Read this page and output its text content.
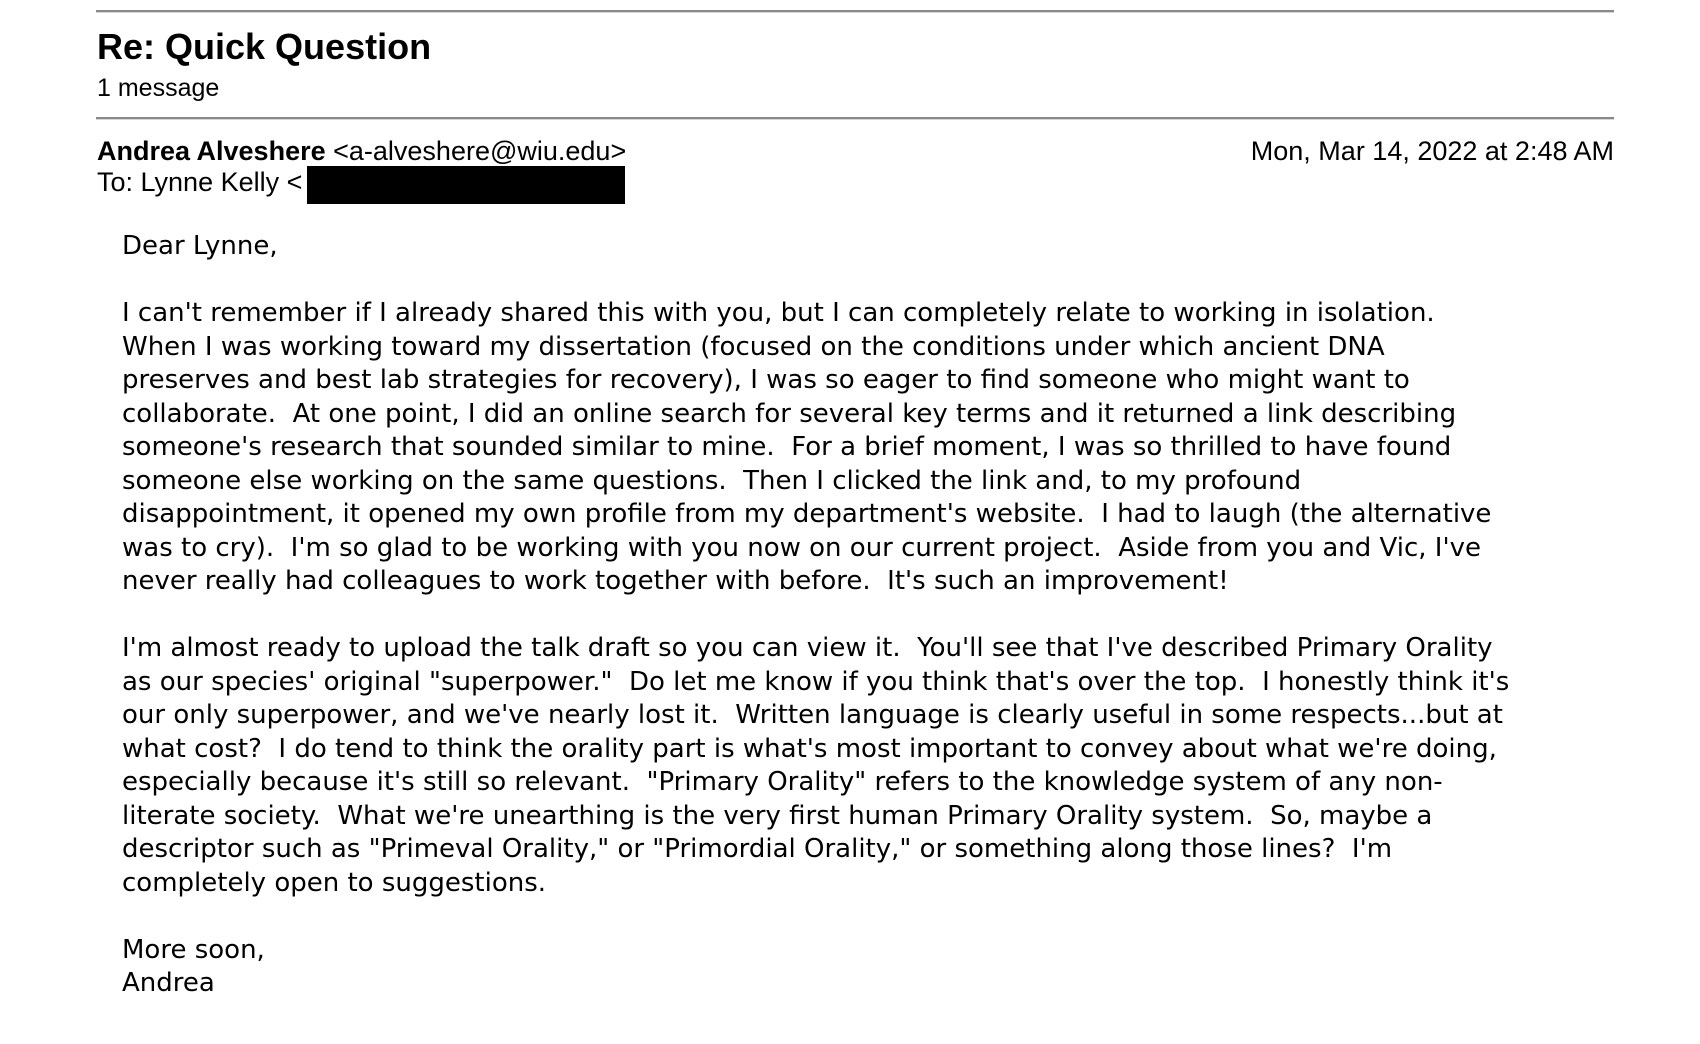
Re: Quick Question
1 message
Andrea Alveshere <a-alveshere@wiu.edu>	Mon, Mar 14, 2022 at 2:48 AM
To: Lynne Kelly <

Dear Lynne,

I can't remember if I already shared this with you, but I can completely relate to working in isolation.
When I was working toward my dissertation (focused on the conditions under which ancient DNA
preserves and best lab strategies for recovery), I was so eager to find someone who might want to
collaborate.  At one point, I did an online search for several key terms and it returned a link describing
someone's research that sounded similar to mine.  For a brief moment, I was so thrilled to have found
someone else working on the same questions.  Then I clicked the link and, to my profound
disappointment, it opened my own profile from my department's website.  I had to laugh (the alternative
was to cry).  I'm so glad to be working with you now on our current project.  Aside from you and Vic, I've
never really had colleagues to work together with before.  It's such an improvement!

I'm almost ready to upload the talk draft so you can view it.  You'll see that I've described Primary Orality
as our species' original "superpower."  Do let me know if you think that's over the top.  I honestly think it's
our only superpower, and we've nearly lost it.  Written language is clearly useful in some respects...but at
what cost?  I do tend to think the orality part is what's most important to convey about what we're doing,
especially because it's still so relevant.  "Primary Orality" refers to the knowledge system of any non-
literate society.  What we're unearthing is the very first human Primary Orality system.  So, maybe a
descriptor such as "Primeval Orality," or "Primordial Orality," or something along those lines?  I'm
completely open to suggestions.

More soon,

Andrea
